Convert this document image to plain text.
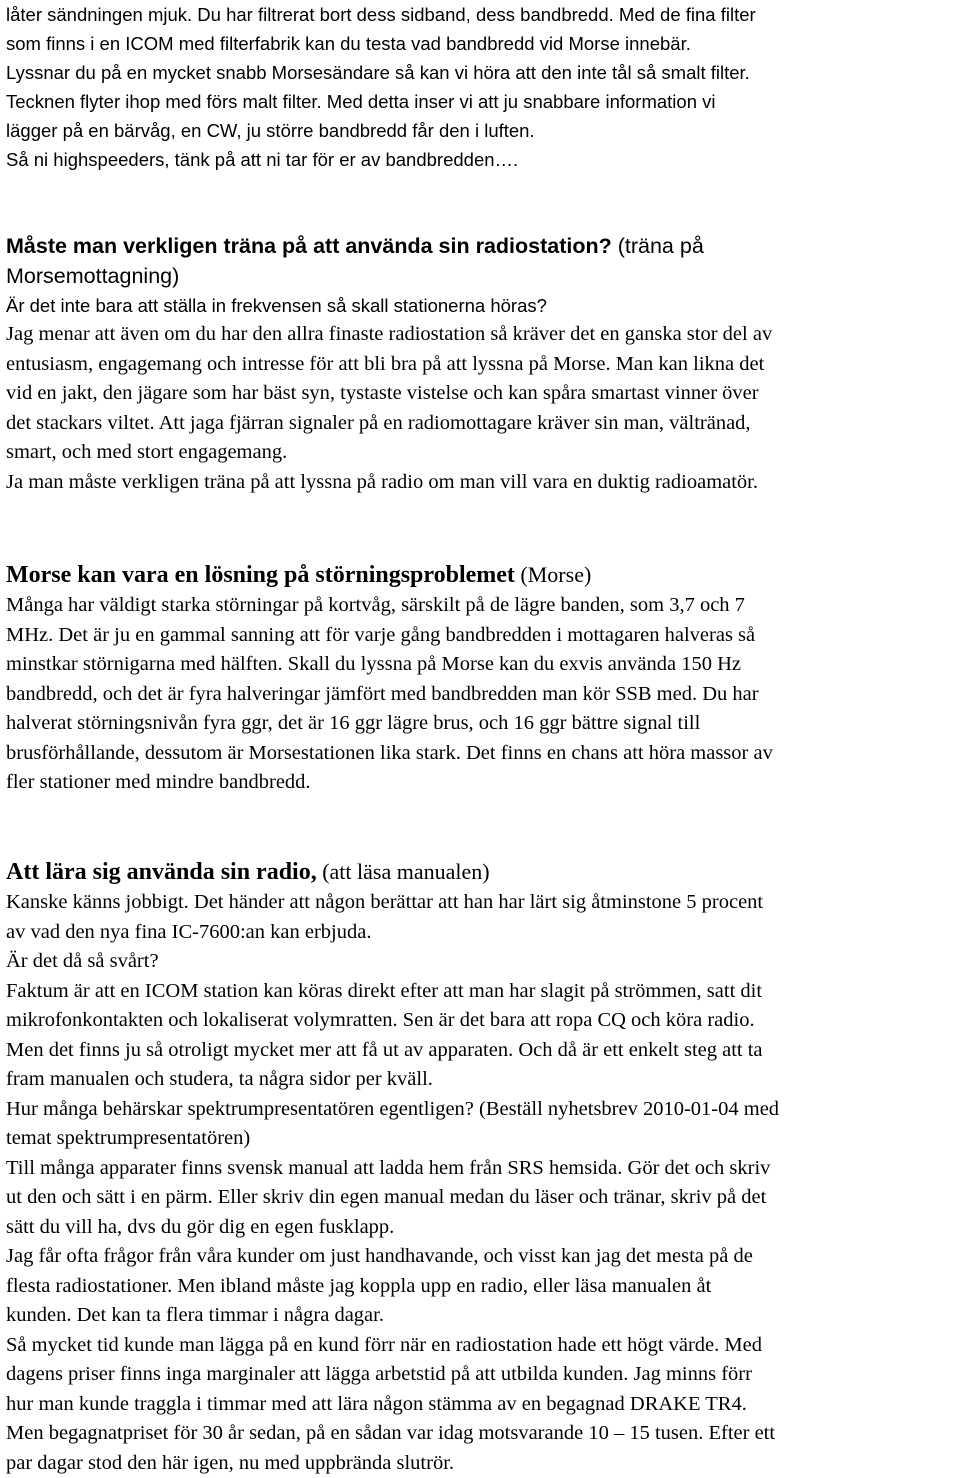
låter sändningen mjuk. Du har filtrerat bort dess sidband, dess bandbredd. Med de fina filter
som finns i en ICOM med filterfabrik kan du testa vad bandbredd vid Morse innebär.
Lyssnar du på en mycket snabb Morsesändare så kan vi höra att den inte tål så smalt filter.
Tecknen flyter ihop med förs malt filter. Med detta inser vi att ju snabbare information vi
lägger på en bärvåg, en CW, ju större bandbredd får den i luften.
Så ni highspeeders, tänk på att ni tar för er av bandbredden….
Måste man verkligen träna på att använda sin radiostation? (träna på
Morsemottagning)
Är det inte bara att ställa in frekvensen så skall stationerna höras?
Jag menar att även om du har den allra finaste radiostation så kräver det en ganska stor del av
entusiasm, engagemang och intresse för att bli bra på att lyssna på Morse. Man kan likna det
vid en jakt, den jägare som har bäst syn, tystaste vistelse och kan spåra smartast vinner över
det stackars viltet. Att jaga fjärran signaler på en radiomottagare kräver sin man, vältränad,
smart, och med stort engagemang.
Ja man måste verkligen träna på att lyssna på radio om man vill vara en duktig radioamatör.
Morse kan vara en lösning på störningsproblemet (Morse)
Många har väldigt starka störningar på kortvåg, särskilt på de lägre banden, som 3,7 och 7
MHz. Det är ju en gammal sanning att för varje gång bandbredden i mottagaren halveras så
minstkar störnigarna med hälften. Skall du lyssna på Morse kan du exvis använda 150 Hz
bandbredd, och det är fyra halveringar jämfört med bandbredden man kör SSB med. Du har
halverat störningsnivån fyra ggr, det är 16 ggr lägre brus, och 16 ggr bättre signal till
brusförhållande, dessutom är Morsestationen lika stark. Det finns en chans att höra massor av
fler stationer med mindre bandbredd.
Att lära sig använda sin radio, (att läsa manualen)
Kanske känns jobbigt. Det händer att någon berättar att han har lärt sig åtminstone 5 procent
av vad den nya fina IC-7600:an kan erbjuda.
Är det då så svårt?
Faktum är att en ICOM station kan köras direkt efter att man har slagit på strömmen, satt dit
mikrofonkontakten och lokaliserat volymratten. Sen är det bara att ropa CQ och köra radio.
Men det finns ju så otroligt mycket mer att få ut av apparaten. Och då är ett enkelt steg att ta
fram manualen och studera, ta några sidor per kväll.
Hur många behärskar spektrumpresentatören egentligen? (Beställ nyhetsbrev 2010-01-04 med
temat spektrumpresentatören)
Till många apparater finns svensk manual att ladda hem från SRS hemsida. Gör det och skriv
ut den och sätt i en pärm. Eller skriv din egen manual medan du läser och tränar, skriv på det
sätt du vill ha, dvs du gör dig en egen fusklapp.
Jag får ofta frågor från våra kunder om just handhavande, och visst kan jag det mesta på de
flesta radiostationer. Men ibland måste jag koppla upp en radio, eller läsa manualen åt
kunden. Det kan ta flera timmar i några dagar.
Så mycket tid kunde man lägga på en kund förr när en radiostation hade ett högt värde. Med
dagens priser finns inga marginaler att lägga arbetstid på att utbilda kunden. Jag minns förr
hur man kunde traggla i timmar med att lära någon stämma av en begagnad DRAKE TR4.
Men begagnatpriset för 30 år sedan, på en sådan var idag motsvarande 10 – 15 tusen. Efter ett
par dagar stod den här igen, nu med uppbrända slutrör.
